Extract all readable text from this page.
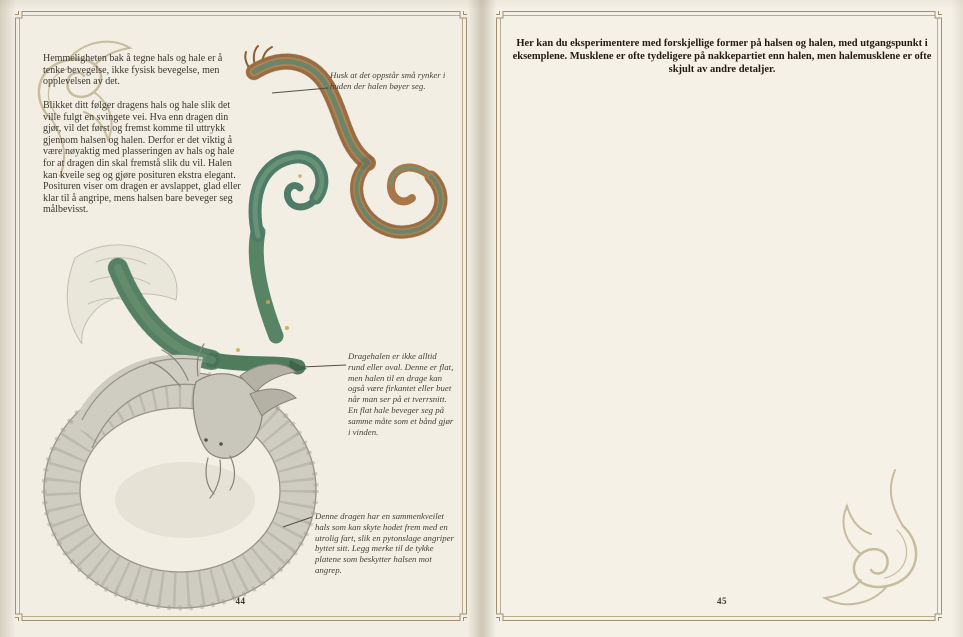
Hemmeligheten bak å tegne hals og hale er å tenke bevegelse, ikke fysisk bevegelse, men opplevelsen av det.
Blikket ditt følger dragens hals og hale slik det ville fulgt en svingete vei. Hva enn dragen din gjør, vil det først og fremst komme til uttrykk gjennom halsen og halen. Derfor er det viktig å være nøyaktig med plasseringen av hals og hale for at dragen din skal fremstå slik du vil. Halen kan kveile seg og gjøre posituren ekstra elegant. Posituren viser om dragen er avslappet, glad eller klar til å angripe, mens halsen bare beveger seg målbevisst.
Husk at det oppstår små rynker i huden der halen bøyer seg.
Dragehalen er ikke alltid rund eller oval. Denne er flat, men halen til en drage kan også være firkantet eller buet når man ser på et tverrsnitt. En flat hale beveger seg på samme måte som et bånd gjør i vinden.
Denne dragen har en sammenkveilet hals som kan skyte hodet frem med en utrolig fart, slik en pytonslage angriper byttet sitt. Legg merke til de tykke platene som beskytter halsen mot angrep.
44
Her kan du eksperimentere med forskjellige former på halsen og halen, med utgangspunkt i eksemplene. Musklene er ofte tydeligere på nakkepartiet enn halen, men halemusklene er ofte skjult av andre detaljer.
45
